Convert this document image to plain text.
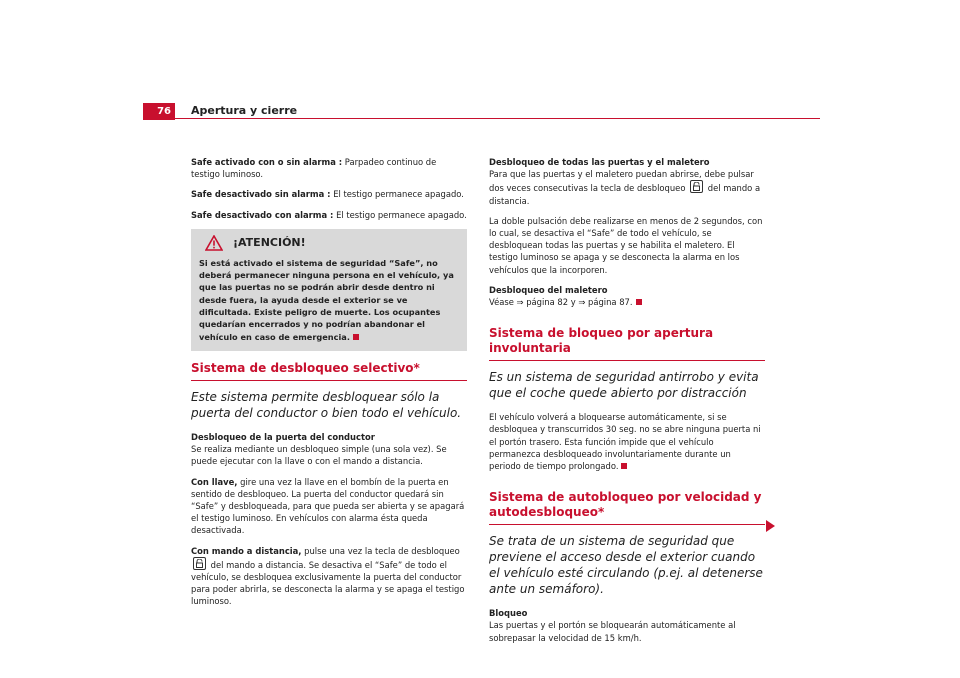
76	Apertura y cierre

Safe activado con o sin alarma : Parpadeo continuo de testigo luminoso.

Safe desactivado sin alarma : El testigo permanece apagado.

Safe desactivado con alarma : El testigo permanece apagado.

¡ATENCIÓN!
Si está activado el sistema de seguridad “Safe”, no deberá permanecer ninguna persona en el vehículo, ya que las puertas no se podrán abrir desde dentro ni desde fuera, la ayuda desde el exterior se ve dificultada. Existe peligro de muerte. Los ocupantes quedarían encerrados y no podrían abandonar el vehículo en caso de emergencia.
Sistema de desbloqueo selectivo*
Este sistema permite desbloquear sólo la puerta del conductor o bien todo el vehículo.

Desbloqueo de la puerta del conductor
Se realiza mediante un desbloqueo simple (una sola vez). Se puede ejecutar con la llave o con el mando a distancia.

Con llave, gire una vez la llave en el bombín de la puerta en sentido de desbloqueo. La puerta del conductor quedará sin “Safe” y desbloqueada, para que pueda ser abierta y se apagará el testigo luminoso. En vehículos con alarma ésta queda desactivada.

Con mando a distancia, pulse una vez la tecla de desbloqueo
del mando a distancia. Se desactiva el “Safe” de todo el vehículo, se desbloquea exclusivamente la puerta del conductor para poder abrirla, se desconecta la alarma y se apaga el testigo luminoso.

Desbloqueo de todas las puertas y el maletero
Para que las puertas y el maletero puedan abrirse, debe pulsar dos veces consecutivas la tecla de desbloqueo
del mando a distancia.

La doble pulsación debe realizarse en menos de 2 segundos, con lo cual, se desactiva el “Safe” de todo el vehículo, se desbloquean todas las puertas y se habilita el maletero. El testigo luminoso se apaga y se desconecta la alarma en los vehículos que la incorporen.

Desbloqueo del maletero
Véase ⇒ página 82 y ⇒ página 87.

Sistema de bloqueo por apertura involuntaria
Es un sistema de seguridad antirrobo y evita que el coche quede abierto por distracción

El vehículo volverá a bloquearse automáticamente, si se desbloquea y transcurridos 30 seg. no se abre ninguna puerta ni el portón trasero. Esta función impide que el vehículo permanezca desbloqueado involuntariamente durante un periodo de tiempo prolongado.

Sistema de autobloqueo por velocidad y autodesbloqueo*
Se trata de un sistema de seguridad que previene el acceso desde el exterior cuando el vehículo esté circulando (p.ej. al detenerse ante un semáforo).

Bloqueo
Las puertas y el portón se bloquearán automáticamente al sobrepasar la velocidad de 15 km/h.
